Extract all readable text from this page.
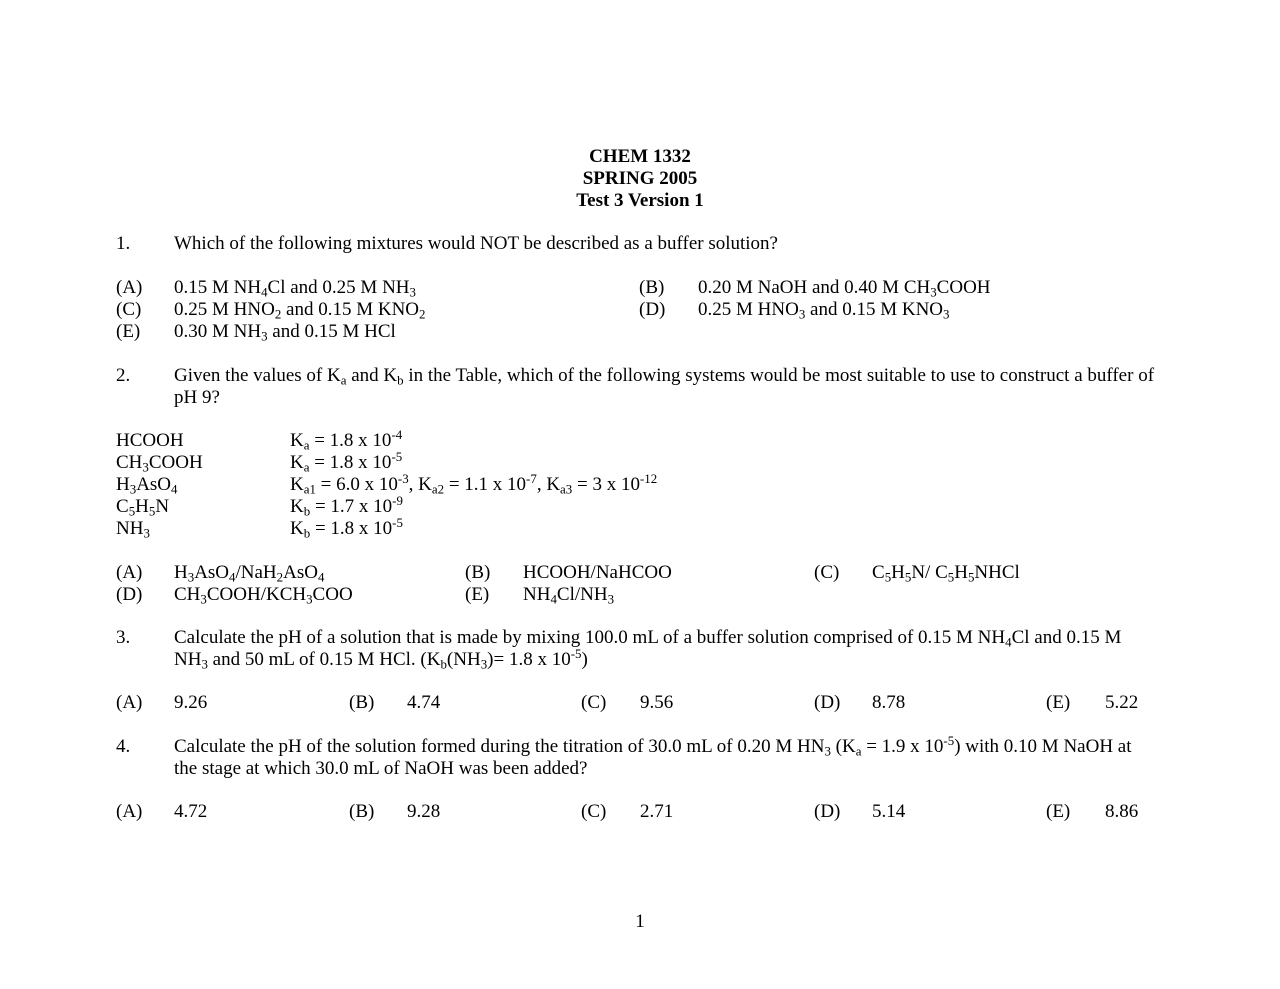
CHEM 1332
SPRING 2005
Test 3 Version 1
1. Which of the following mixtures would NOT be described as a buffer solution?
(A) 0.15 M $NH_4Cl$ and 0.25 M $NH_3$	(B) 0.20 M NaOH and 0.40 M $CH_3COOH$
(C) 0.25 M $HNO_2$ and 0.15 M $KNO_2$	(D) 0.25 M $HNO_3$ and 0.15 M $KNO_3$
(E) 0.30 M $NH_3$ and 0.15 M HCl
2. Given the values of $K_a$ and $K_b$ in the Table, which of the following systems would be most suitable to use to construct a buffer of pH 9?
HCOOH	$K_a = 1.8$ x $10^{-4}$
$CH_3COOH$	$K_a = 1.8$ x $10^{-5}$
$H_3AsO_4$	$K_{a1} = 6.0$ x $10^{-3}$, $K_{a2} = 1.1$ x $10^{-7}$, $K_{a3} = 3$ x $10^{-12}$
$C_5H_5N$	$K_b = 1.7$ x $10^{-9}$
$NH_3$	$K_b = 1.8$ x $10^{-5}$
(A) $H_3AsO_4/NaH_2AsO_4$	(B) HCOOH/NaHCOO	(C) $C_5H_5N/$ $C_5H_5NHCl$
(D) $CH_3COOH/KCH_3COO$	(E) $NH_4Cl/NH_3$
3. Calculate the pH of a solution that is made by mixing 100.0 mL of a buffer solution comprised of 0.15 M $NH_4Cl$ and 0.15 M
$NH_3$ and 50 mL of 0.15 M HCl. ($K_b(NH_3)= 1.8$ x $10^{-5}$)
(A) 9.26	(B) 4.74	(C) 9.56	(D) 8.78	(E) 5.22
4. Calculate the pH of the solution formed during the titration of 30.0 mL of 0.20 M $HN_3$ ($K_a = 1.9$ x $10^{-5}$) with 0.10 M NaOH at
the stage at which 30.0 mL of NaOH was been added?
(A) 4.72	(B) 9.28	(C) 2.71	(D) 5.14	(E) 8.86
1
